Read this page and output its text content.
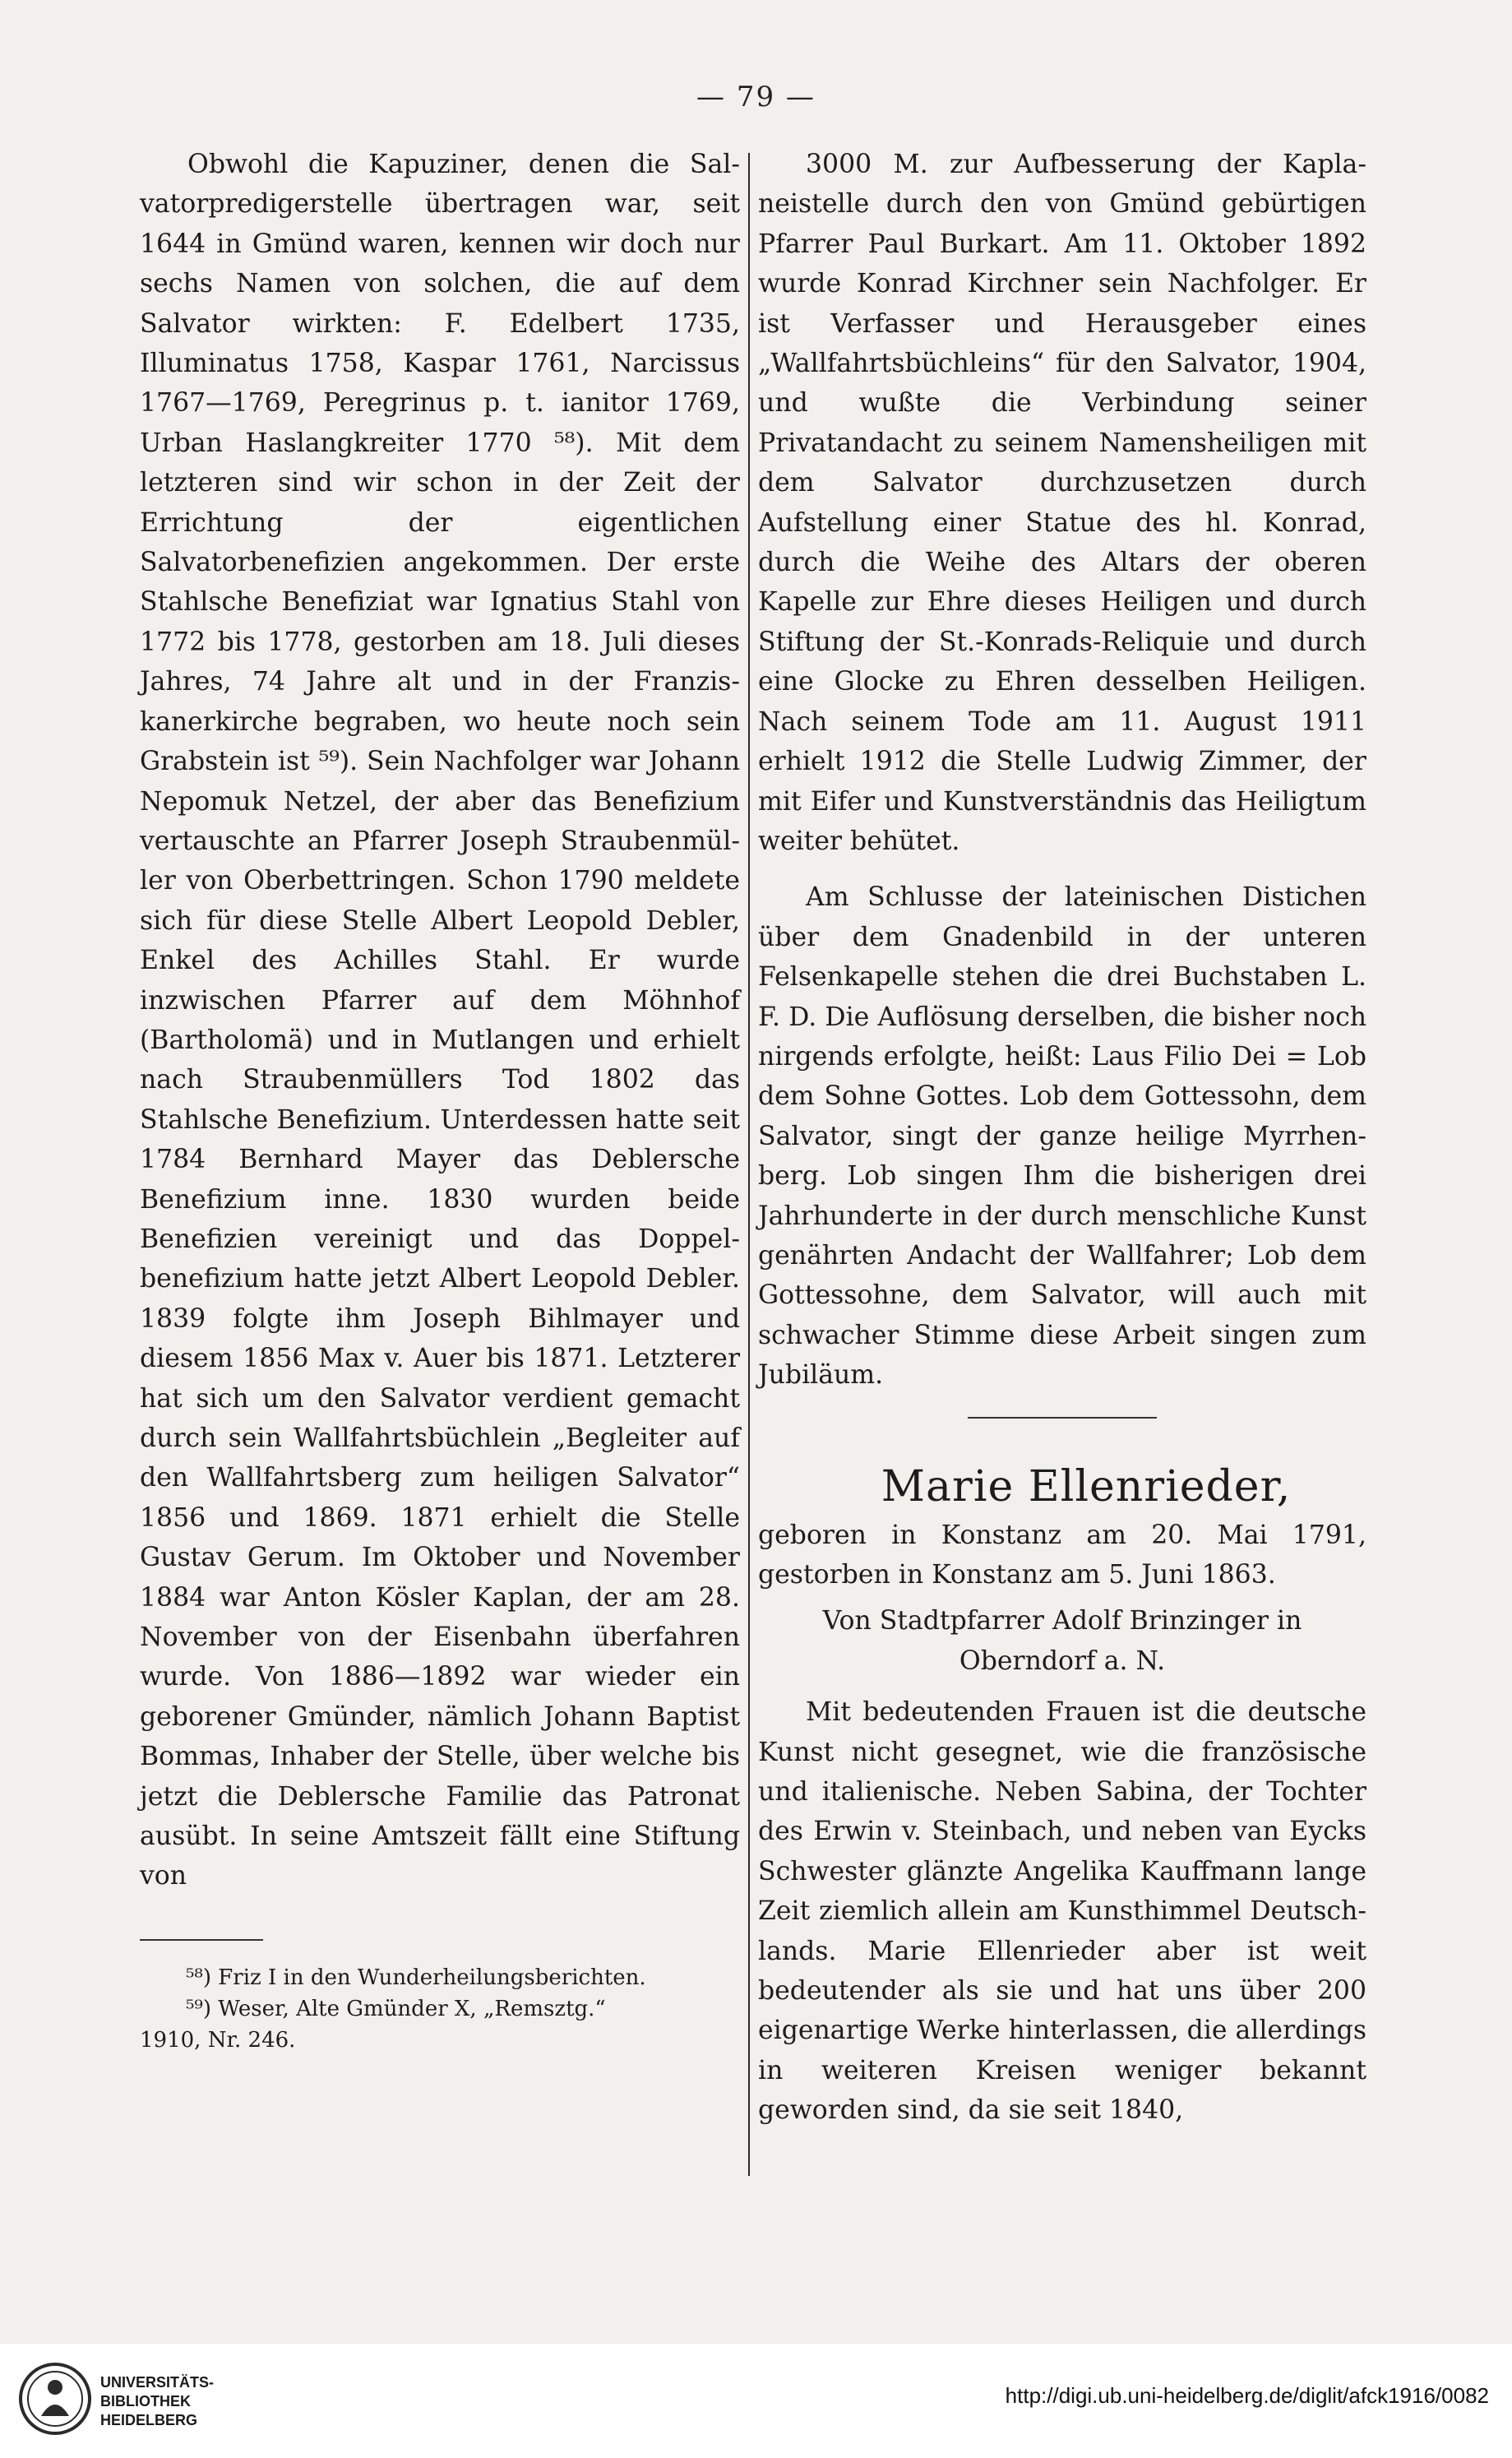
— 79 —

Obwohl die Kapuziner, denen die Salvatorpredigerstelle übertragen war, seit 1644 in Gmünd waren, kennen wir doch nur sechs Namen von solchen, die auf dem Salvator wirkten: F. Edelbert 1735, Illuminatus 1758, Kaspar 1761, Narcissus 1767—1769, Peregrinus p. t. ianitor 1769, Urban Haslangkreiter 1770 ⁵⁸). Mit dem letzteren sind wir schon in der Zeit der Errichtung der eigentlichen Salvatorbenefizien angekommen. Der erste Stahlsche Benefiziat war Ignatius Stahl von 1772 bis 1778, gestorben am 18. Juli dieses Jahres, 74 Jahre alt und in der Franziskanerkirche begraben, wo heute noch sein Grabstein ist ⁵⁹). Sein Nachfolger war Johann Nepomuk Netzel, der aber das Benefizium vertauschte an Pfarrer Joseph Straubenmüller von Oberbettringen. Schon 1790 meldete sich für diese Stelle Albert Leopold Debler, Enkel des Achilles Stahl. Er wurde inzwischen Pfarrer auf dem Möhnhof (Bartholomä) und in Mutlangen und erhielt nach Straubenmüllers Tod 1802 das Stahlsche Benefizium. Unterdessen hatte seit 1784 Bernhard Mayer das Deblersche Benefizium inne. 1830 wurden beide Benefizien vereinigt und das Doppelbenefizium hatte jetzt Albert Leopold Debler. 1839 folgte ihm Joseph Bihlmayer und diesem 1856 Max v. Auer bis 1871. Letzterer hat sich um den Salvator verdient gemacht durch sein Wallfahrtsbüchlein „Begleiter auf den Wallfahrtsberg zum heiligen Salvator“ 1856 und 1869. 1871 erhielt die Stelle Gustav Gerum. Im Oktober und November 1884 war Anton Kösler Kaplan, der am 28. November von der Eisenbahn überfahren wurde. Von 1886—1892 war wieder ein geborener Gmünder, nämlich Johann Baptist Bommas, Inhaber der Stelle, über welche bis jetzt die Deblersche Familie das Patronat ausübt. In seine Amtszeit fällt eine Stiftung von

⁵⁸) Friz I in den Wunderheilungsberichten.

⁵⁹) Weser, Alte Gmünder X, „Remsztg.“

1910, Nr. 246.

3000 M. zur Aufbesserung der Kaplaneistelle durch den von Gmünd gebürtigen Pfarrer Paul Burkart. Am 11. Oktober 1892 wurde Konrad Kirchner sein Nachfolger. Er ist Verfasser und Herausgeber eines „Wallfahrtsbüchleins“ für den Salvator, 1904, und wußte die Verbindung seiner Privatandacht zu seinem Namensheiligen mit dem Salvator durchzusetzen durch Aufstellung einer Statue des hl. Konrad, durch die Weihe des Altars der oberen Kapelle zur Ehre dieses Heiligen und durch Stiftung der St.-Konrads-Reliquie und durch eine Glocke zu Ehren desselben Heiligen. Nach seinem Tode am 11. August 1911 erhielt 1912 die Stelle Ludwig Zimmer, der mit Eifer und Kunstverständnis das Heiligtum weiter behütet.

Am Schlusse der lateinischen Distichen über dem Gnadenbild in der unteren Felsenkapelle stehen die drei Buchstaben L. F. D. Die Auflösung derselben, die bisher noch nirgends erfolgte, heißt: Laus Filio Dei = Lob dem Sohne Gottes. Lob dem Gottessohn, dem Salvator, singt der ganze heilige Myrrhenberg. Lob singen Ihm die bisherigen drei Jahrhunderte in der durch menschliche Kunst genährten Andacht der Wallfahrer; Lob dem Gottessohne, dem Salvator, will auch mit schwacher Stimme diese Arbeit singen zum Jubiläum.

Marie Ellenrieder,

geboren in Konstanz am 20. Mai 1791, gestorben in Konstanz am 5. Juni 1863.

Von Stadtpfarrer Adolf Brinzinger in Oberndorf a. N.

Mit bedeutenden Frauen ist die deutsche Kunst nicht gesegnet, wie die französische und italienische. Neben Sabina, der Tochter des Erwin v. Steinbach, und neben van Eycks Schwester glänzte Angelika Kauffmann lange Zeit ziemlich allein am Kunsthimmel Deutschlands. Marie Ellenrieder aber ist weit bedeutender als sie und hat uns über 200 eigenartige Werke hinterlassen, die allerdings in weiteren Kreisen weniger bekannt geworden sind, da sie seit 1840,

UNIVERSITÄTS-
BIBLIOTHEK
HEIDELBERG
http://digi.ub.uni-heidelberg.de/diglit/afck1916/0082
